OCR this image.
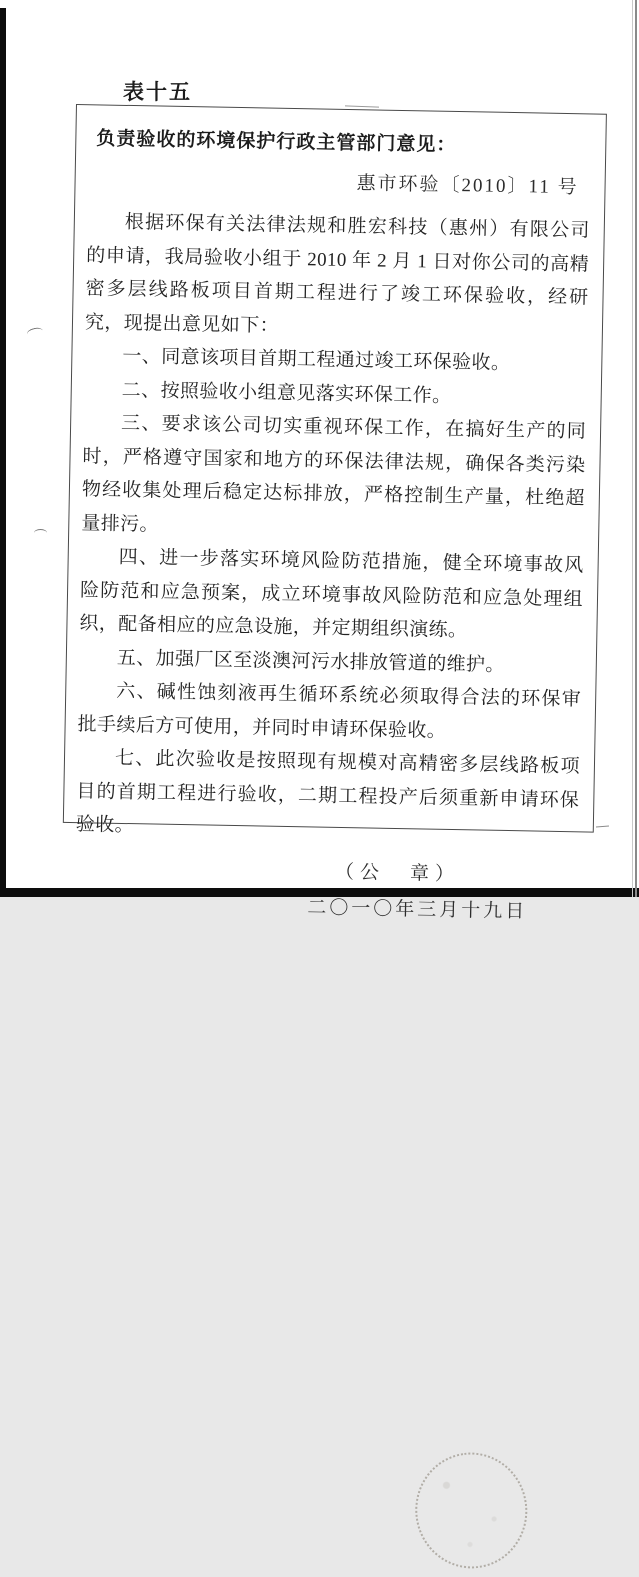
表十五
负责验收的环境保护行政主管部门意见：
惠市环验〔2010〕11 号

根据环保有关法律法规和胜宏科技（惠州）有限公司的申请，我局验收小组于 2010 年 2 月 1 日对你公司的高精密多层线路板项目首期工程进行了竣工环保验收，经研究，现提出意见如下：

一、同意该项目首期工程通过竣工环保验收。

二、按照验收小组意见落实环保工作。

三、要求该公司切实重视环保工作，在搞好生产的同时，严格遵守国家和地方的环保法律法规，确保各类污染物经收集处理后稳定达标排放，严格控制生产量，杜绝超量排污。

四、进一步落实环境风险防范措施，健全环境事故风险防范和应急预案，成立环境事故风险防范和应急处理组织，配备相应的应急设施，并定期组织演练。

五、加强厂区至淡澳河污水排放管道的维护。

六、碱性蚀刻液再生循环系统必须取得合法的环保审批手续后方可使用，并同时申请环保验收。

七、此次验收是按照现有规模对高精密多层线路板项目的首期工程进行验收，二期工程投产后须重新申请环保验收。

（公　章）
二〇一〇年三月十九日
